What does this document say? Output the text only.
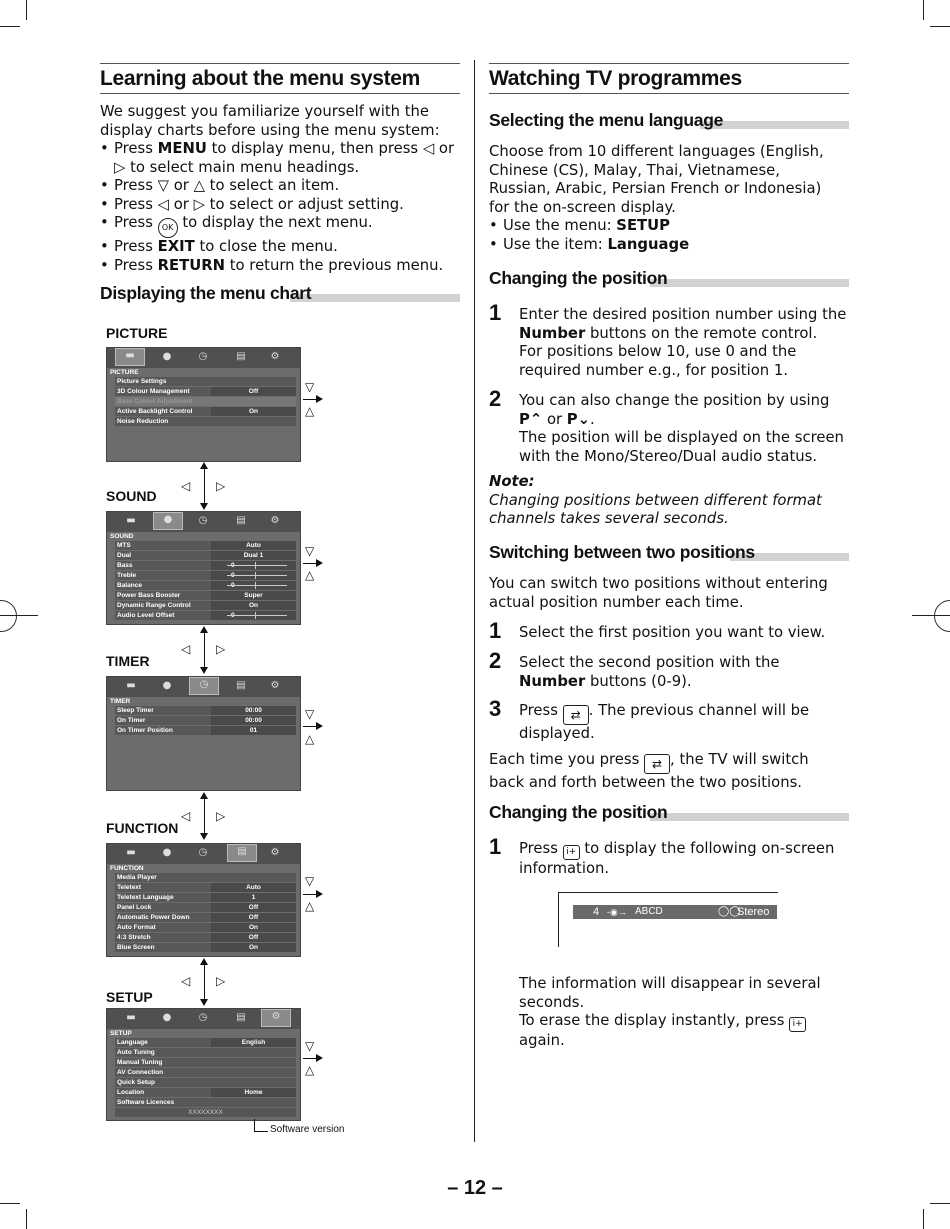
Learning about the menu system
We suggest you familiarize yourself with the display charts before using the menu system:
• Press MENU to display menu, then press ◁ or ▷ to select main menu headings.
• Press ▽ or △ to select an item.
• Press ◁ or ▷ to select or adjust setting.
• Press OK to display the next menu.
• Press EXIT to close the menu.
• Press RETURN to return the previous menu.
Displaying the menu chart
PICTURE
▬	●	◷	▤	⚙
PICTURE
Picture Settings
3D Colour Management	Off
Base Colour Adjustment
Active Backlight Control	On
Noise Reduction
▽
△
◁ ▷
SOUND
▬	●	◷	▤	⚙
SOUND
MTS	Auto
Dual	Dual 1
Bass
Treble
Balance
Power Bass Booster	Super
Dynamic Range Control	On
Audio Level Offset
▽
△
◁ ▷
TIMER
▬	●	◷	▤	⚙
TIMER
Sleep Timer	00:00
On Timer	00:00
On Timer Position	01
▽
△
◁ ▷
FUNCTION
▬	●	◷	▤	⚙
FUNCTION
Media Player
Teletext	Auto
Teletext Language	1
Panel Lock	Off
Automatic Power Down	Off
Auto Format	On
4:3 Stretch	Off
Blue Screen	On
▽
△
◁ ▷
SETUP
▬	●	◷	▤	⚙
SETUP
Language	English
Auto Tuning
Manual Tuning
AV Connection
Quick Setup
Location	Home
Software Licences
XXXXXXXX
▽
△
Software version
Watching TV programmes
Selecting the menu language
Choose from 10 different languages (English, Chinese (CS), Malay, Thai, Vietnamese, Russian, Arabic, Persian French or Indonesia) for the on-screen display.
• Use the menu: SETUP
• Use the item: Language
Changing the position
1 Enter the desired position number using the Number buttons on the remote control.
For positions below 10, use 0 and the required number e.g., for position 1.
2 You can also change the position by using P⌃ or P⌄.
The position will be displayed on the screen with the Mono/Stereo/Dual audio status.
Note:
Changing positions between different format channels takes several seconds.
Switching between two positions
You can switch two positions without entering actual position number each time.
1 Select the first position you want to view.
2 Select the second position with the Number buttons (0-9).
3 Press ⇄ . The previous channel will be displayed.
Each time you press ⇄ , the TV will switch back and forth between the two positions.
Changing the position
1 Press i+ to display the following on-screen information.
4 -◉→ ABCD	◯◯
Stereo
The information will disappear in several seconds.
To erase the display instantly, press i+ again.
– 12 –
